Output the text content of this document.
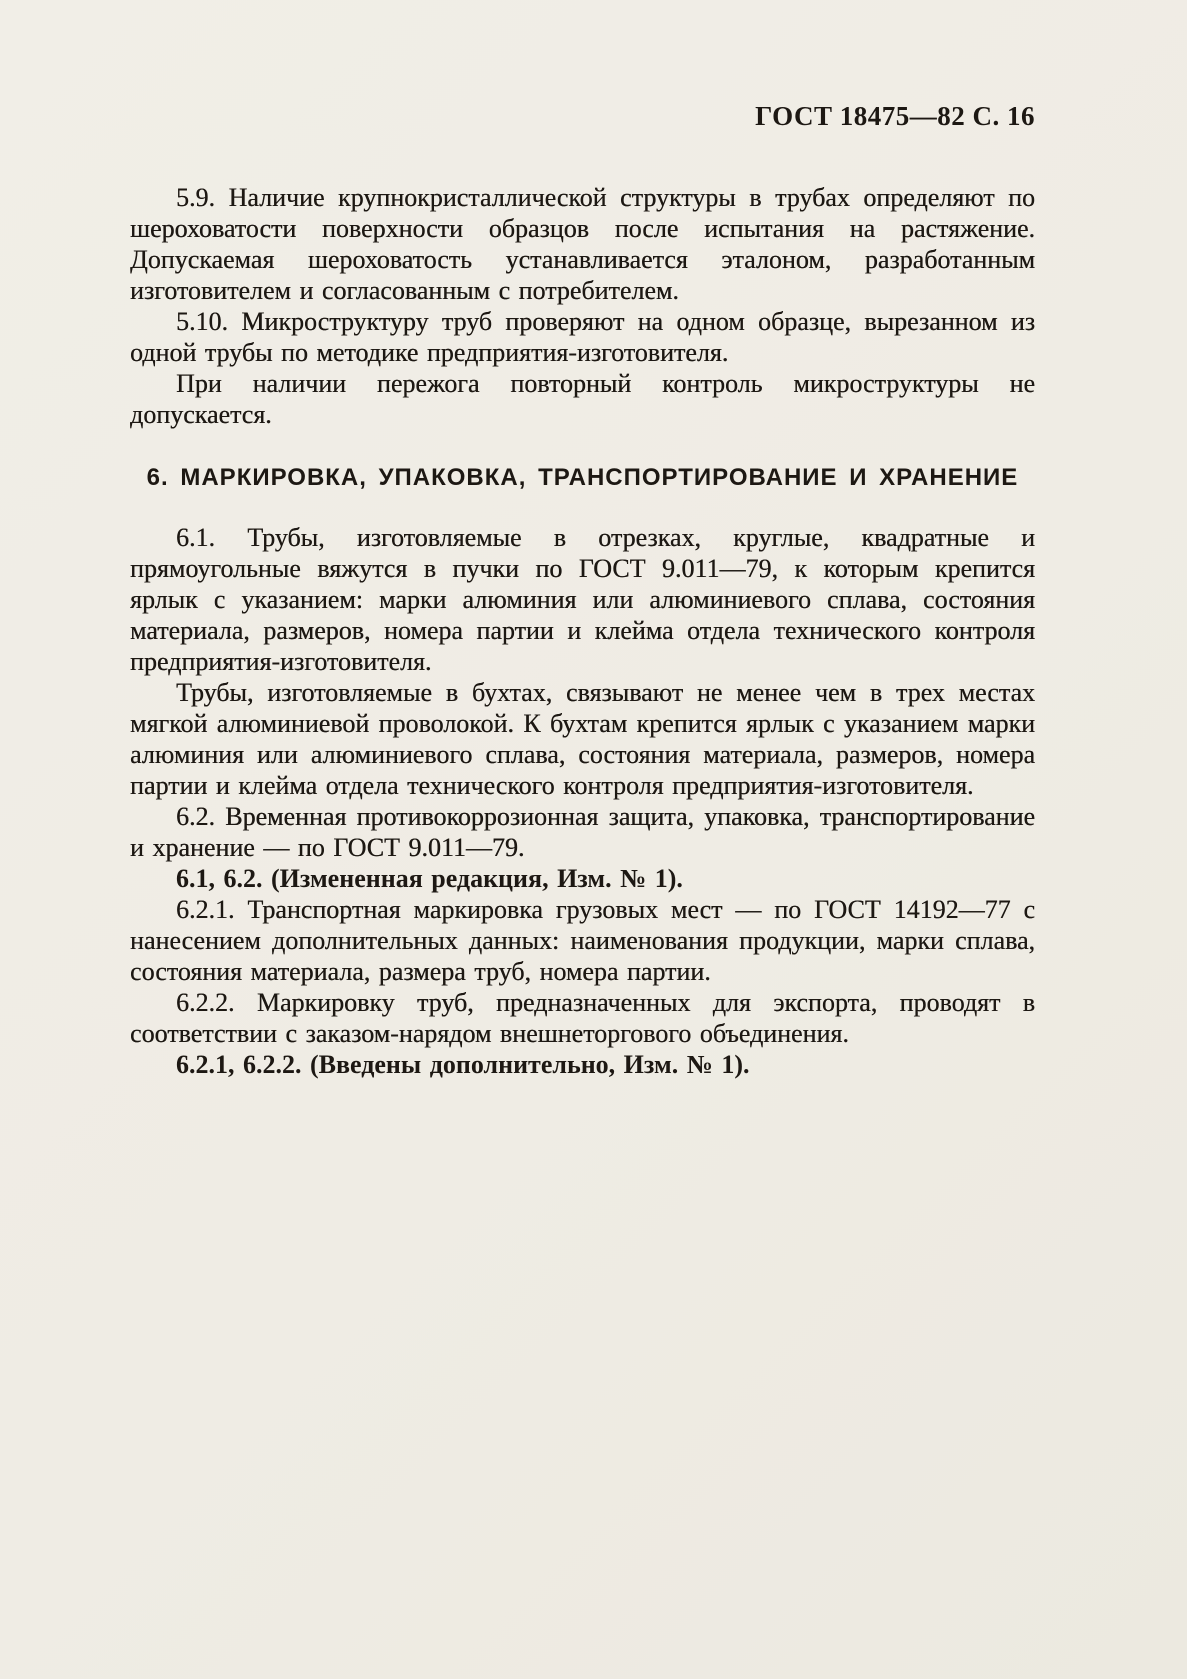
ГОСТ 18475—82 С. 16

5.9. Наличие крупнокристаллической структуры в трубах определяют по шероховатости поверхности образцов после испытания на растяжение. Допускаемая шероховатость устанавливается эталоном, разработанным изготовителем и согласованным с потребителем.

5.10. Микроструктуру труб проверяют на одном образце, вырезанном из одной трубы по методике предприятия-изготовителя.

При наличии пережога повторный контроль микроструктуры не допускается.

6. МАРКИРОВКА, УПАКОВКА, ТРАНСПОРТИРОВАНИЕ И ХРАНЕНИЕ

6.1. Трубы, изготовляемые в отрезках, круглые, квадратные и прямоугольные вяжутся в пучки по ГОСТ 9.011—79, к которым крепится ярлык с указанием: марки алюминия или алюминиевого сплава, состояния материала, размеров, номера партии и клейма отдела технического контроля предприятия-изготовителя.

Трубы, изготовляемые в бухтах, связывают не менее чем в трех местах мягкой алюминиевой проволокой. К бухтам крепится ярлык с указанием марки алюминия или алюминиевого сплава, состояния материала, размеров, номера партии и клейма отдела технического контроля предприятия-изготовителя.

6.2. Временная противокоррозионная защита, упаковка, транспортирование и хранение — по ГОСТ 9.011—79.

6.1, 6.2. (Измененная редакция, Изм. № 1).

6.2.1. Транспортная маркировка грузовых мест — по ГОСТ 14192—77 с нанесением дополнительных данных: наименования продукции, марки сплава, состояния материала, размера труб, номера партии.

6.2.2. Маркировку труб, предназначенных для экспорта, проводят в соответствии с заказом-нарядом внешнеторгового объединения.

6.2.1, 6.2.2. (Введены дополнительно, Изм. № 1).
